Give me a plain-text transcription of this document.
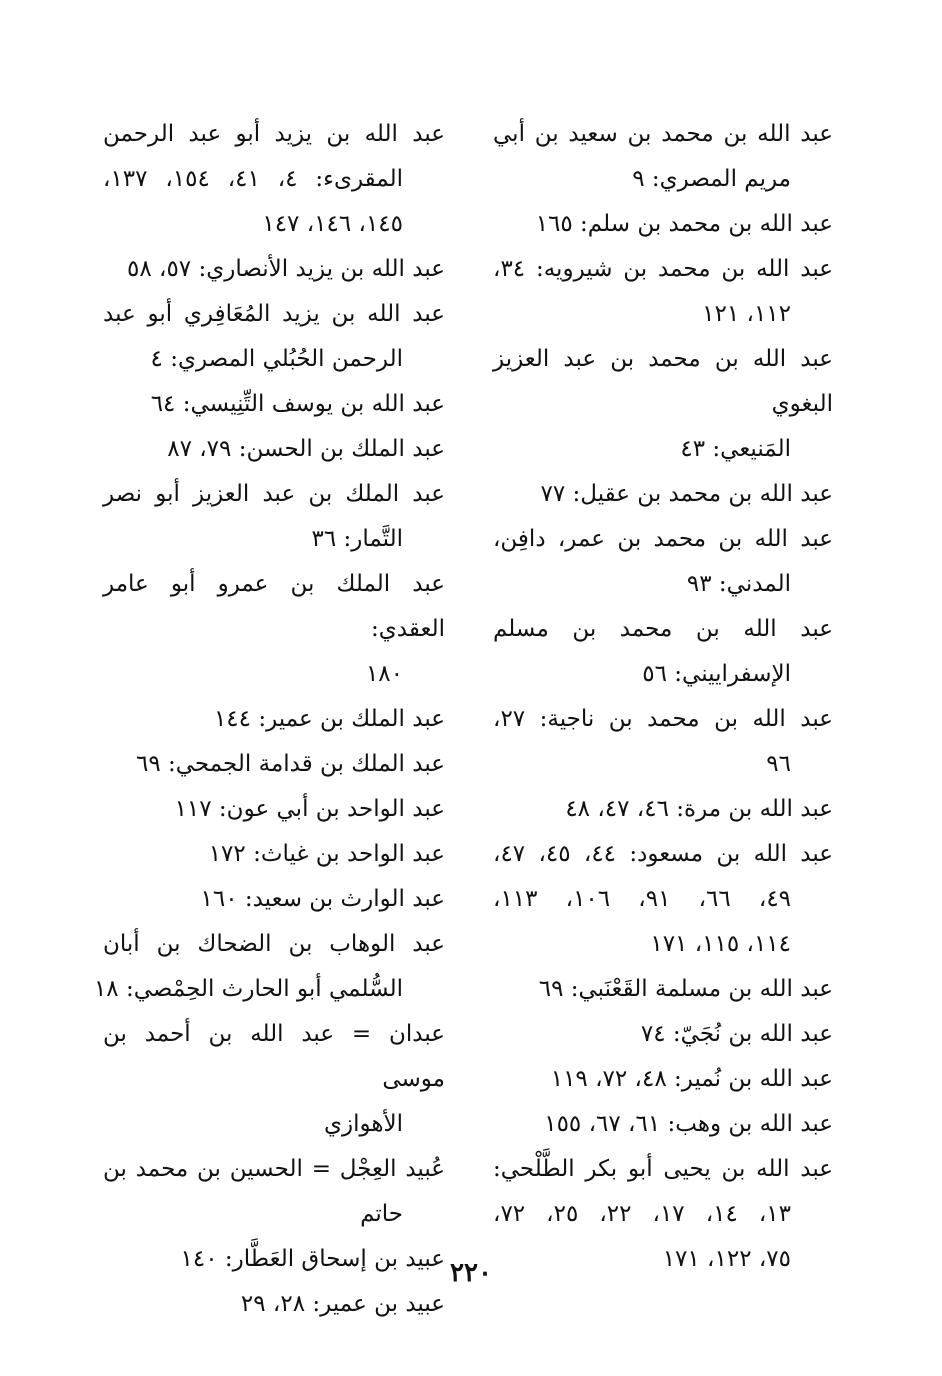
عبد الله بن محمد بن سعيد بن أبي
مريم المصري: ٩
عبد الله بن محمد بن سلم: ١٦٥
عبد الله بن محمد بن شيرويه: ٣٤،
١١٢، ١٢١
عبد الله بن محمد بن عبد العزيز البغوي
المَنيعي: ٤٣
عبد الله بن محمد بن عقيل: ٧٧
عبد الله بن محمد بن عمر، دافِن،
المدني: ٩٣
عبد الله بن محمد بن مسلم
الإسفراييني: ٥٦
عبد الله بن محمد بن ناجية: ٢٧،
٩٦
عبد الله بن مرة: ٤٦، ٤٧، ٤٨
عبد الله بن مسعود: ٤٤، ٤٥، ٤٧،
٤٩، ٦٦، ٩١، ١٠٦، ١١٣،
١١٤، ١١٥، ١٧١
عبد الله بن مسلمة القَعْنَبي: ٦٩
عبد الله بن نُجَيّ: ٧٤
عبد الله بن نُمير: ٤٨، ٧٢، ١١٩
عبد الله بن وهب: ٦١، ٦٧، ١٥٥
عبد الله بن يحيى أبو بكر الطَّلْحي:
١٣، ١٤، ١٧، ٢٢، ٢٥، ٧٢،
٧٥، ١٢٢، ١٧١
عبد الله بن يزيد أبو عبد الرحمن
المقرىء: ٤، ٤١، ١٥٤، ١٣٧،
١٤٥، ١٤٦، ١٤٧
عبد الله بن يزيد الأنصاري: ٥٧، ٥٨
عبد الله بن يزيد المُعَافِري أبو عبد
الرحمن الحُبُلي المصري: ٤
عبد الله بن يوسف التِّنِيسي: ٦٤
عبد الملك بن الحسن: ٧٩، ٨٧
عبد الملك بن عبد العزيز أبو نصر
التَّمار: ٣٦
عبد الملك بن عمرو أبو عامر العقدي:
١٨٠
عبد الملك بن عمير: ١٤٤
عبد الملك بن قدامة الجمحي: ٦٩
عبد الواحد بن أبي عون: ١١٧
عبد الواحد بن غياث: ١٧٢
عبد الوارث بن سعيد: ١٦٠
عبد الوهاب بن الضحاك بن أبان
السُّلمي أبو الحارث الحِمْصي: ١٨
عبدان = عبد الله بن أحمد بن موسى
الأهوازي
عُبيد العِجْل = الحسين بن محمد بن
حاتم
عبيد بن إسحاق العَطَّار: ١٤٠
عبيد بن عمير: ٢٨، ٢٩
٢٢٠
